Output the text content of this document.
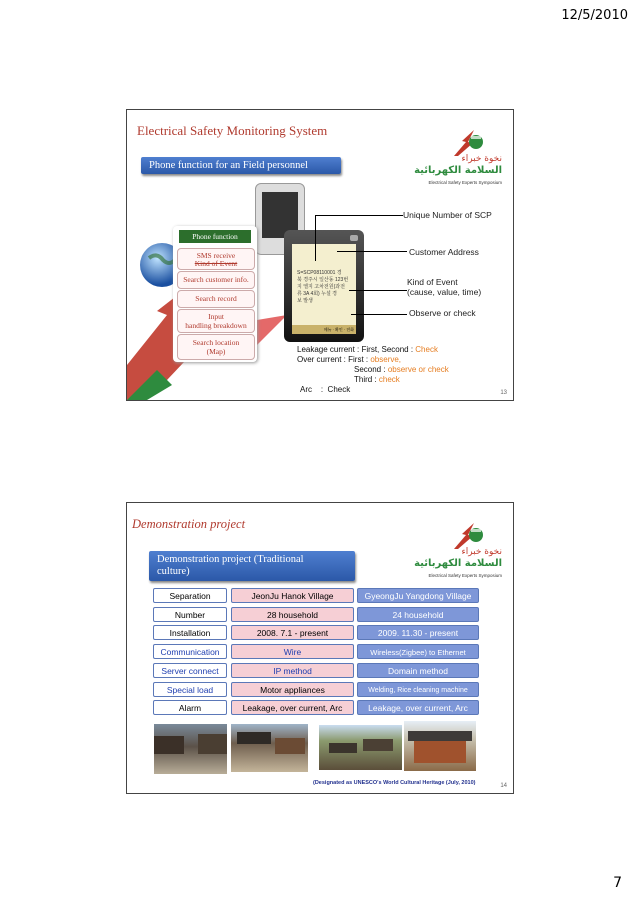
12/5/2010
Electrical Safety Monitoring System
Phone function for an Field personnel
نخوة خبراء
السلامة الكهربائية
Electrical Safety Experts Symposium
Phone function
SMS receive
Kind of Event
Search customer info.
Search record
Input
handling breakdown
Search location
(Map)
S=SCP08110001 경
북 경주시 일산동 123번
지 엘지 고차전원(과전
류 3A 4회) 누설 경
보 발생
메뉴 · 확인 · 전화
Unique Number of SCP
Customer Address
Kind of Event
(cause, value, time)
Observe or check
Leakage current : First, Second : Check
Over current : First : observe,
Second : observe or check
Third : check
Arc    :  Check	13
Demonstration project
Demonstration project (Traditional
culture)
نخوة خبراء
السلامة الكهربائية
Electrical Safety Experts Symposium
Separation	JeonJu Hanok Village	GyeongJu Yangdong Village
Number	28 household	24 household
Installation	2008. 7.1 - present	2009. 11.30 - present
Communication	Wire	Wireless(Zigbee) to Ethernet
Server connect	IP method	Domain method
Special load	Motor appliances	Welding, Rice cleaning machine
Alarm	Leakage, over current, Arc	Leakage, over current, Arc
(Designated as UNESCO's World Cultural Heritage (July, 2010)	14
7
